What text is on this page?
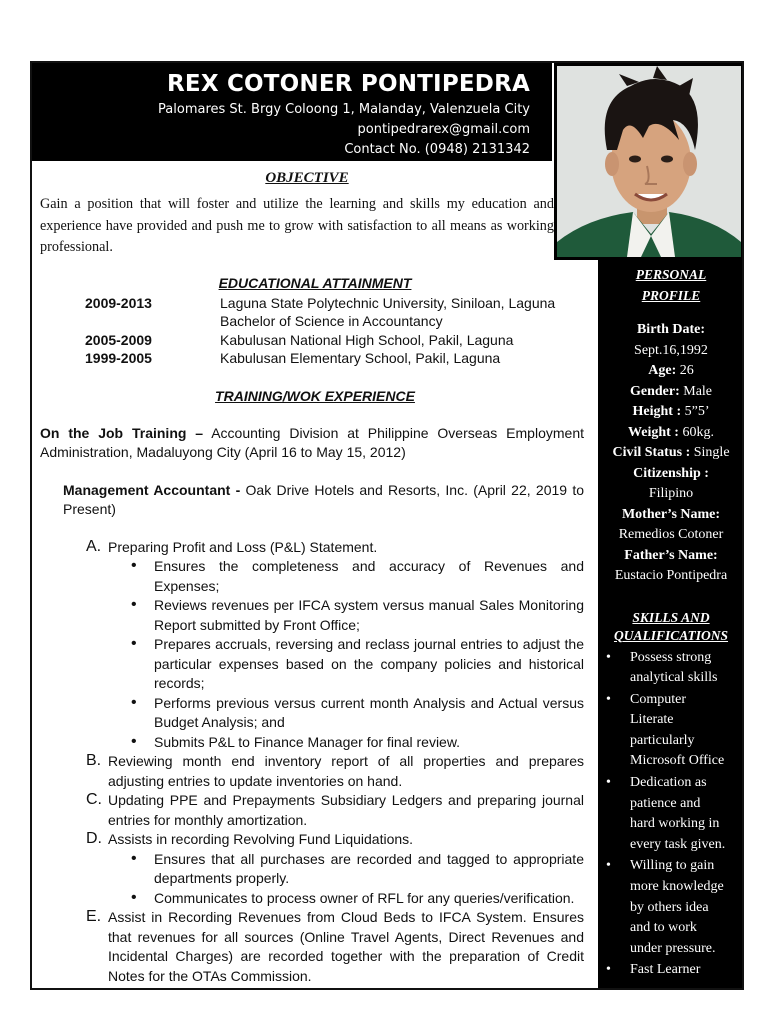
REX COTONER PONTIPEDRA
Palomares St. Brgy Coloong 1, Malanday, Valenzuela City
pontipedrarex@gmail.com
Contact No. (0948) 2131342
OBJECTIVE
Gain a position that will foster and utilize the learning and skills my education and experience have provided and push me to grow with satisfaction to all means as working professional.
EDUCATIONAL ATTAINMENT
2009-2013	Laguna State Polytechnic University, Siniloan, Laguna
Bachelor of Science in Accountancy
2005-2009	Kabulusan National High School, Pakil, Laguna
1999-2005	Kabulusan Elementary School, Pakil, Laguna
TRAINING/WOK EXPERIENCE
On the Job Training – Accounting Division at Philippine Overseas Employment Administration, Madaluyong City (April 16 to May 15, 2012)
Management Accountant - Oak Drive Hotels and Resorts, Inc. (April 22, 2019 to Present)
A. Preparing Profit and Loss (P&L) Statement.
• Ensures the completeness and accuracy of Revenues and Expenses;
• Reviews revenues per IFCA system versus manual Sales Monitoring Report submitted by Front Office;
• Prepares accruals, reversing and reclass journal entries to adjust the particular expenses based on the company policies and historical records;
• Performs previous versus current month Analysis and Actual versus Budget Analysis; and
• Submits P&L to Finance Manager for final review.
B. Reviewing month end inventory report of all properties and prepares adjusting entries to update inventories on hand.
C. Updating PPE and Prepayments Subsidiary Ledgers and preparing journal entries for monthly amortization.
D. Assists in recording Revolving Fund Liquidations.
• Ensures that all purchases are recorded and tagged to appropriate departments properly.
• Communicates to process owner of RFL for any queries/verification.
E. Assist in Recording Revenues from Cloud Beds to IFCA System. Ensures that revenues for all sources (Online Travel Agents, Direct Revenues and Incidental Charges) are recorded together with the preparation of Credit Notes for the OTAs Commission.
PERSONAL
PROFILE
Birth Date:
Sept.16,1992
Age: 26
Gender: Male
Height : 5”5’
Weight : 60kg.
Civil Status : Single
Citizenship :
Filipino
Mother’s Name:
Remedios Cotoner
Father’s Name:
Eustacio Pontipedra
SKILLS AND
QUALIFICATIONS
• Possess strong
analytical skills
• Computer
Literate
particularly
Microsoft Office
• Dedication as
patience and
hard working in
every task given.
• Willing to gain
more knowledge
by others idea
and to work
under pressure.
• Fast Learner
